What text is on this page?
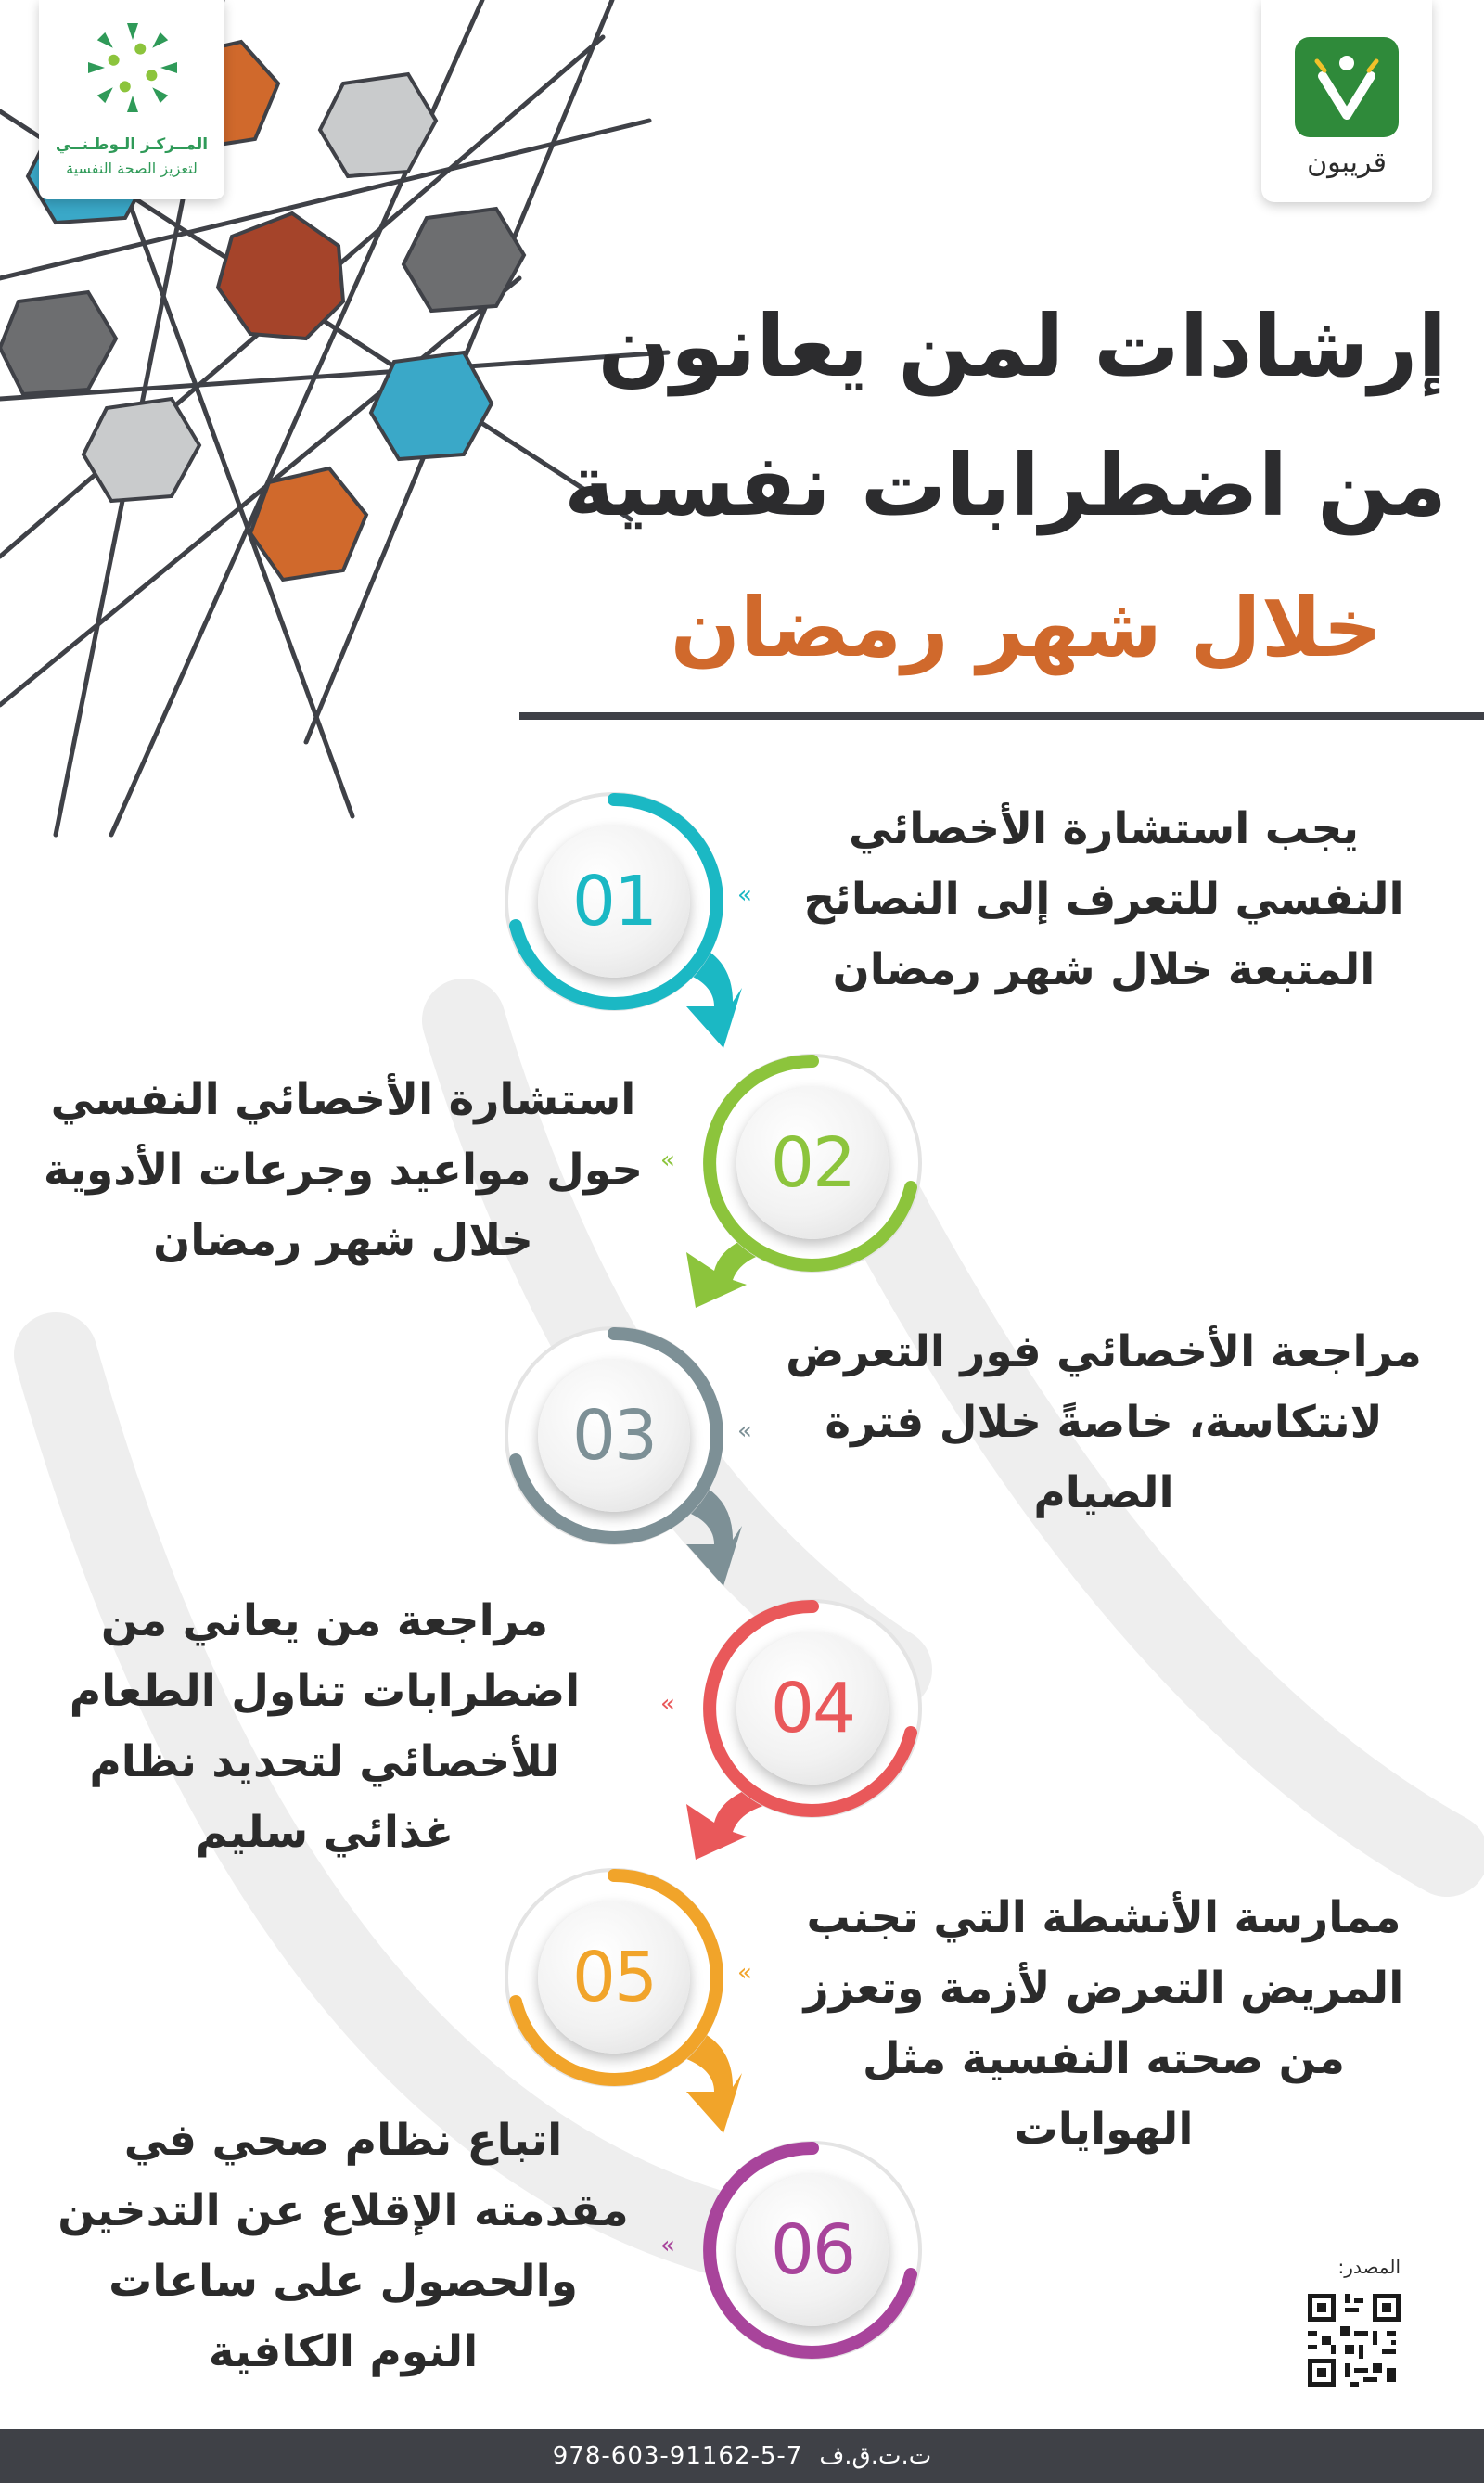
المــركـز الـوطـنــي
لتعزيز الصحة النفسية	قريبون
إرشادات لمن يعانون
من اضطرابات نفسية
خلال شهر رمضان
01	«
يجب استشارة الأخصائي
النفسي للتعرف إلى النصائح
المتبعة خلال شهر رمضان
02
«
استشارة الأخصائي النفسي
حول مواعيد وجرعات الأدوية
خلال شهر رمضان
03	«
مراجعة الأخصائي فور التعرض
لانتكاسة، خاصةً خلال فترة
الصيام
04
«
مراجعة من يعاني من
اضطرابات تناول الطعام
للأخصائي لتحديد نظام
غذائي سليم
05	«
ممارسة الأنشطة التي تجنب
المريض التعرض لأزمة وتعزز
من صحته النفسية مثل
الهوايات
06
«
اتباع نظام صحي في
مقدمته الإقلاع عن التدخين
والحصول على ساعات
النوم الكافية
المصدر:
978-603-91162-5-7 ت.ت.ق.ف
